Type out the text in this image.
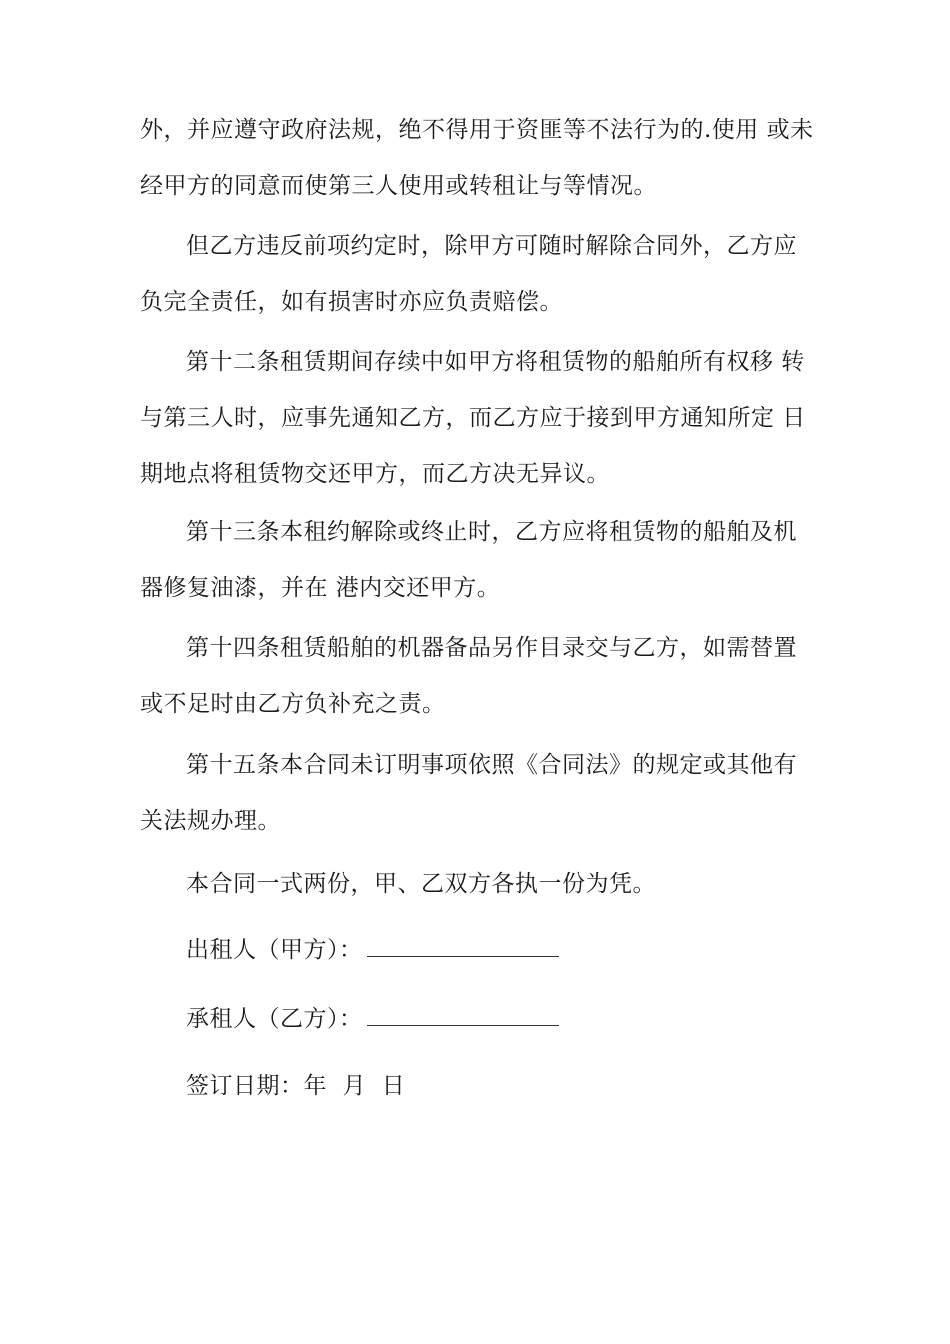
外，并应遵守政府法规，绝不得用于资匪等不法行为的.使用 或未
经甲方的同意而使第三人使用或转租让与等情况。

但乙方违反前项约定时，除甲方可随时解除合同外，乙方应
负完全责任，如有损害时亦应负责赔偿。

第十二条租赁期间存续中如甲方将租赁物的船舶所有权移 转
与第三人时，应事先通知乙方，而乙方应于接到甲方通知所定 日
期地点将租赁物交还甲方，而乙方决无异议。

第十三条本租约解除或终止时，乙方应将租赁物的船舶及机
器修复油漆，并在 港内交还甲方。

第十四条租赁船舶的机器备品另作目录交与乙方，如需替置
或不足时由乙方负补充之责。

第十五条本合同未订明事项依照《合同法》的规定或其他有
关法规办理。

本合同一式两份，甲、乙双方各执一份为凭。
出租人（甲方）：
承租人（乙方）：
签订日期：年  月  日
